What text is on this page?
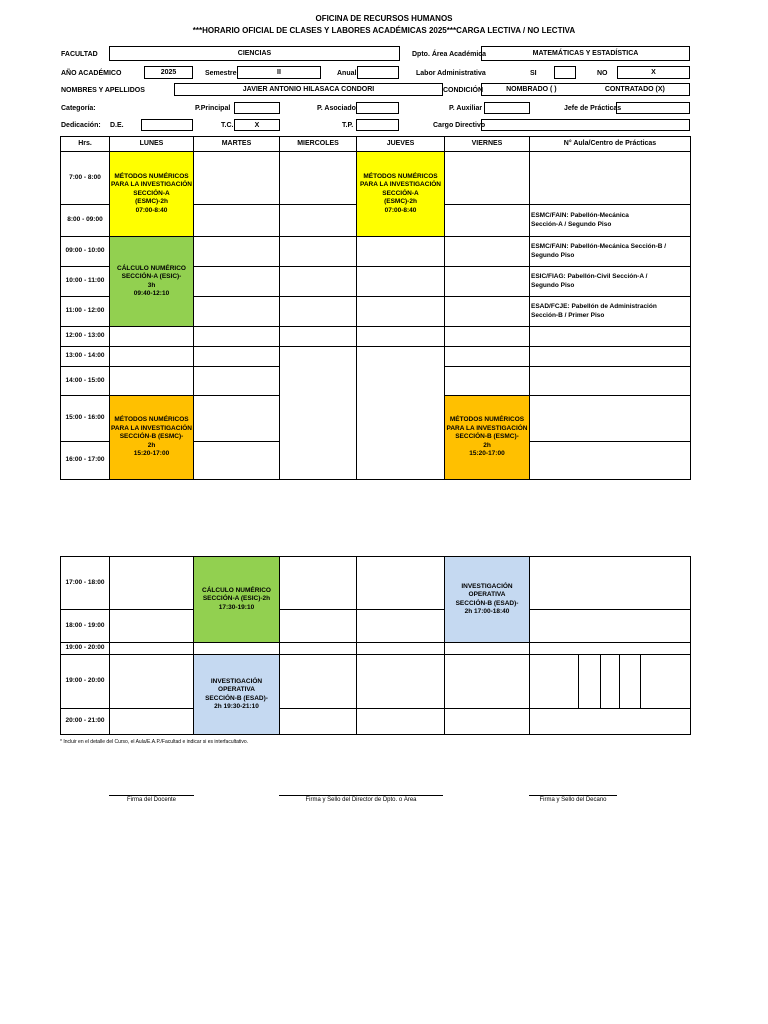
OFICINA DE RECURSOS HUMANOS
***HORARIO OFICIAL DE CLASES Y LABORES ACADÉMICAS 2025***CARGA LECTIVA / NO LECTIVA
FACULTAD	CIENCIAS	Dpto. Área Académica	MATEMÁTICAS Y ESTADÍSTICA
AÑO ACADÉMICO	2025	Semestre	II	Anual	Labor Administrativa	SI	NO	X
NOMBRES Y APELLIDOS	JAVIER ANTONIO HILASACA CONDORI	CONDICIÓN	NOMBRADO ( )	CONTRATADO (X)
Categoría:	P.Principal	P. Asociado	P. Auxiliar	Jefe de Prácticas
Dedicación: D.E.	T.C.	X	T.P.	Cargo Directivo
Hrs.	LUNES	MARTES	MIERCOLES	JUEVES	VIERNES	N° Aula/Centro de Prácticas
7:00 - 8:00	MÉTODOS NUMÉRICOS
PARA LA INVESTIGACIÓN
SECCIÓN-A
(ESMC)-2h
07:00-8:40			MÉTODOS NUMÉRICOS
PARA LA INVESTIGACIÓN
SECCIÓN-A
(ESMC)-2h
07:00-8:40		
8:00 - 09:00						ESMC/FAIN: Pabellón-Mecánica
Sección-A / Segundo Piso
09:00 - 10:00	CÁLCULO NUMÉRICO
SECCIÓN-A (ESIC)-
3h
09:40-12:10					ESMC/FAIN: Pabellón-Mecánica Sección-B /
Segundo Piso
10:00 - 11:00						ESIC/FIAG: Pabellón-Civil Sección-A /
Segundo Piso
11:00 - 12:00						ESAD/FCJE: Pabellón de Administración
Sección-B / Primer Piso
12:00 - 13:00						
13:00 - 14:00						
14:00 - 15:00						
15:00 - 16:00	MÉTODOS NUMÉRICOS
PARA LA INVESTIGACIÓN
SECCIÓN-B (ESMC)-
2h
15:20-17:00				MÉTODOS NUMÉRICOS
PARA LA INVESTIGACIÓN
SECCIÓN-B (ESMC)-
2h
15:20-17:00	
16:00 - 17:00						
17:00 - 18:00		CÁLCULO NUMÉRICO
SECCIÓN-A (ESIC)-2h
17:30-19:10			INVESTIGACIÓN
OPERATIVA
SECCIÓN-B (ESAD)-
2h 17:00-18:40					
18:00 - 19:00										
19:00 - 20:00										
19:00 - 20:00		INVESTIGACIÓN
OPERATIVA
SECCIÓN-B (ESAD)-
2h 19:30-21:10								
20:00 - 21:00										
* Incluir en el detalle del Curso, el Aula/E.A.P./Facultad e indicar si es interfacultativo.
Firma del Docente	Firma y Sello del Director de Dpto. o Área	Firma y Sello del Decano
